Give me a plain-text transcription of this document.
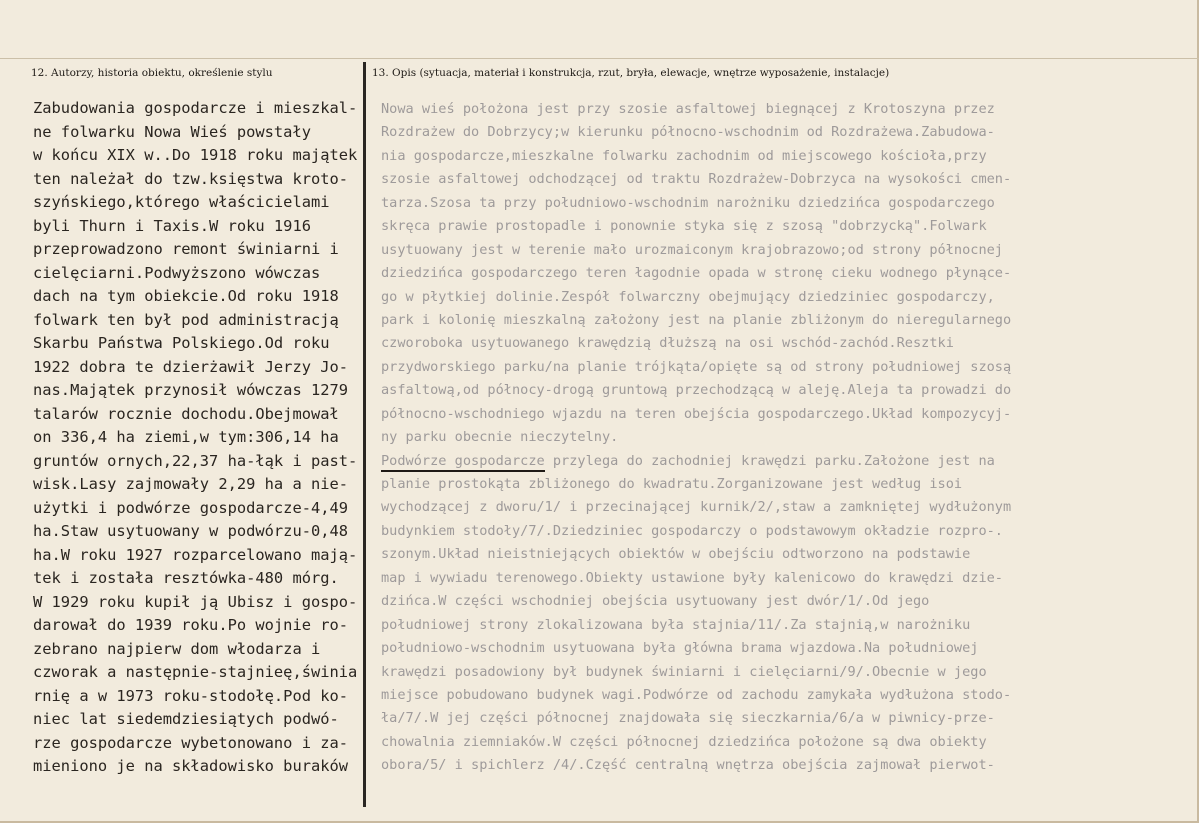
12. Autorzy, historia obiektu, określenie stylu	13. Opis (sytuacja, materiał i konstrukcja, rzut, bryła, elewacje, wnętrze wyposażenie, instalacje)
Zabudowania gospodarcze i mieszkal-
ne folwarku Nowa Wieś powstały
w końcu XIX w..Do 1918 roku majątek
ten należał do tzw.księstwa kroto-
szyńskiego,którego właścicielami
byli Thurn i Taxis.W roku 1916
przeprowadzono remont świniarni i
cielęciarni.Podwyższono wówczas
dach na tym obiekcie.Od roku 1918
folwark ten był pod administracją
Skarbu Państwa Polskiego.Od roku
1922 dobra te dzierżawił Jerzy Jo-
nas.Majątek przynosił wówczas 1279
talarów rocznie dochodu.Obejmował
on 336,4 ha ziemi,w tym:306,14 ha
gruntów ornych,22,37 ha-łąk i past-
wisk.Lasy zajmowały 2,29 ha a nie-
użytki i podwórze gospodarcze-4,49
ha.Staw usytuowany w podwórzu-0,48
ha.W roku 1927 rozparcelowano mają-
tek i została resztówka-480 mórg.
W 1929 roku kupił ją Ubisz i gospo-
darował do 1939 roku.Po wojnie ro-
zebrano najpierw dom włodarza i
czworak a następnie-stajnieę,świnia
rnię a w 1973 roku-stodołę.Pod ko-
niec lat siedemdziesiątych podwó-
rze gospodarcze wybetonowano i za-
mieniono je na składowisko buraków
Nowa wieś położona jest przy szosie asfaltowej biegnącej z Krotoszyna przez
Rozdrażew do Dobrzycy;w kierunku północno-wschodnim od Rozdrażewa.Zabudowa-
nia gospodarcze,mieszkalne folwarku zachodnim od miejscowego kościoła,przy
szosie asfaltowej odchodzącej od traktu Rozdrażew-Dobrzyca na wysokości cmen-
tarza.Szosa ta przy południowo-wschodnim narożniku dziedzińca gospodarczego
skręca prawie prostopadle i ponownie styka się z szosą "dobrzycką".Folwark
usytuowany jest w terenie mało urozmaiconym krajobrazowo;od strony północnej
dziedzińca gospodarczego teren łagodnie opada w stronę cieku wodnego płynące-
go w płytkiej dolinie.Zespół folwarczny obejmujący dziedziniec gospodarczy,
park i kolonię mieszkalną założony jest na planie zbliżonym do nieregularnego
czworoboka usytuowanego krawędzią dłuższą na osi wschód-zachód.Resztki
przydworskiego parku/na planie trójkąta/opięte są od strony południowej szosą
asfaltową,od północy-drogą gruntową przechodzącą w aleję.Aleja ta prowadzi do
północno-wschodniego wjazdu na teren obejścia gospodarczego.Układ kompozycyj-
ny parku obecnie nieczytelny.
Podwórze gospodarcze przylega do zachodniej krawędzi parku.Założone jest na
planie prostokąta zbliżonego do kwadratu.Zorganizowane jest według isoi
wychodzącej z dworu/1/ i przecinającej kurnik/2/,staw a zamkniętej wydłużonym
budynkiem stodoły/7/.Dziedziniec gospodarczy o podstawowym okładzie rozpro-.
szonym.Układ nieistniejących obiektów w obejściu odtworzono na podstawie
map i wywiadu terenowego.Obiekty ustawione były kalenicowo do krawędzi dzie-
dzińca.W części wschodniej obejścia usytuowany jest dwór/1/.Od jego
południowej strony zlokalizowana była stajnia/11/.Za stajnią,w narożniku
południowo-wschodnim usytuowana była główna brama wjazdowa.Na południowej
krawędzi posadowiony był budynek świniarni i cielęciarni/9/.Obecnie w jego
miejsce pobudowano budynek wagi.Podwórze od zachodu zamykała wydłużona stodo-
ła/7/.W jej części północnej znajdowała się sieczkarnia/6/a w piwnicy-prze-
chowalnia ziemniaków.W części północnej dziedzińca położone są dwa obiekty
obora/5/ i spichlerz /4/.Część centralną wnętrza obejścia zajmował pierwot-
